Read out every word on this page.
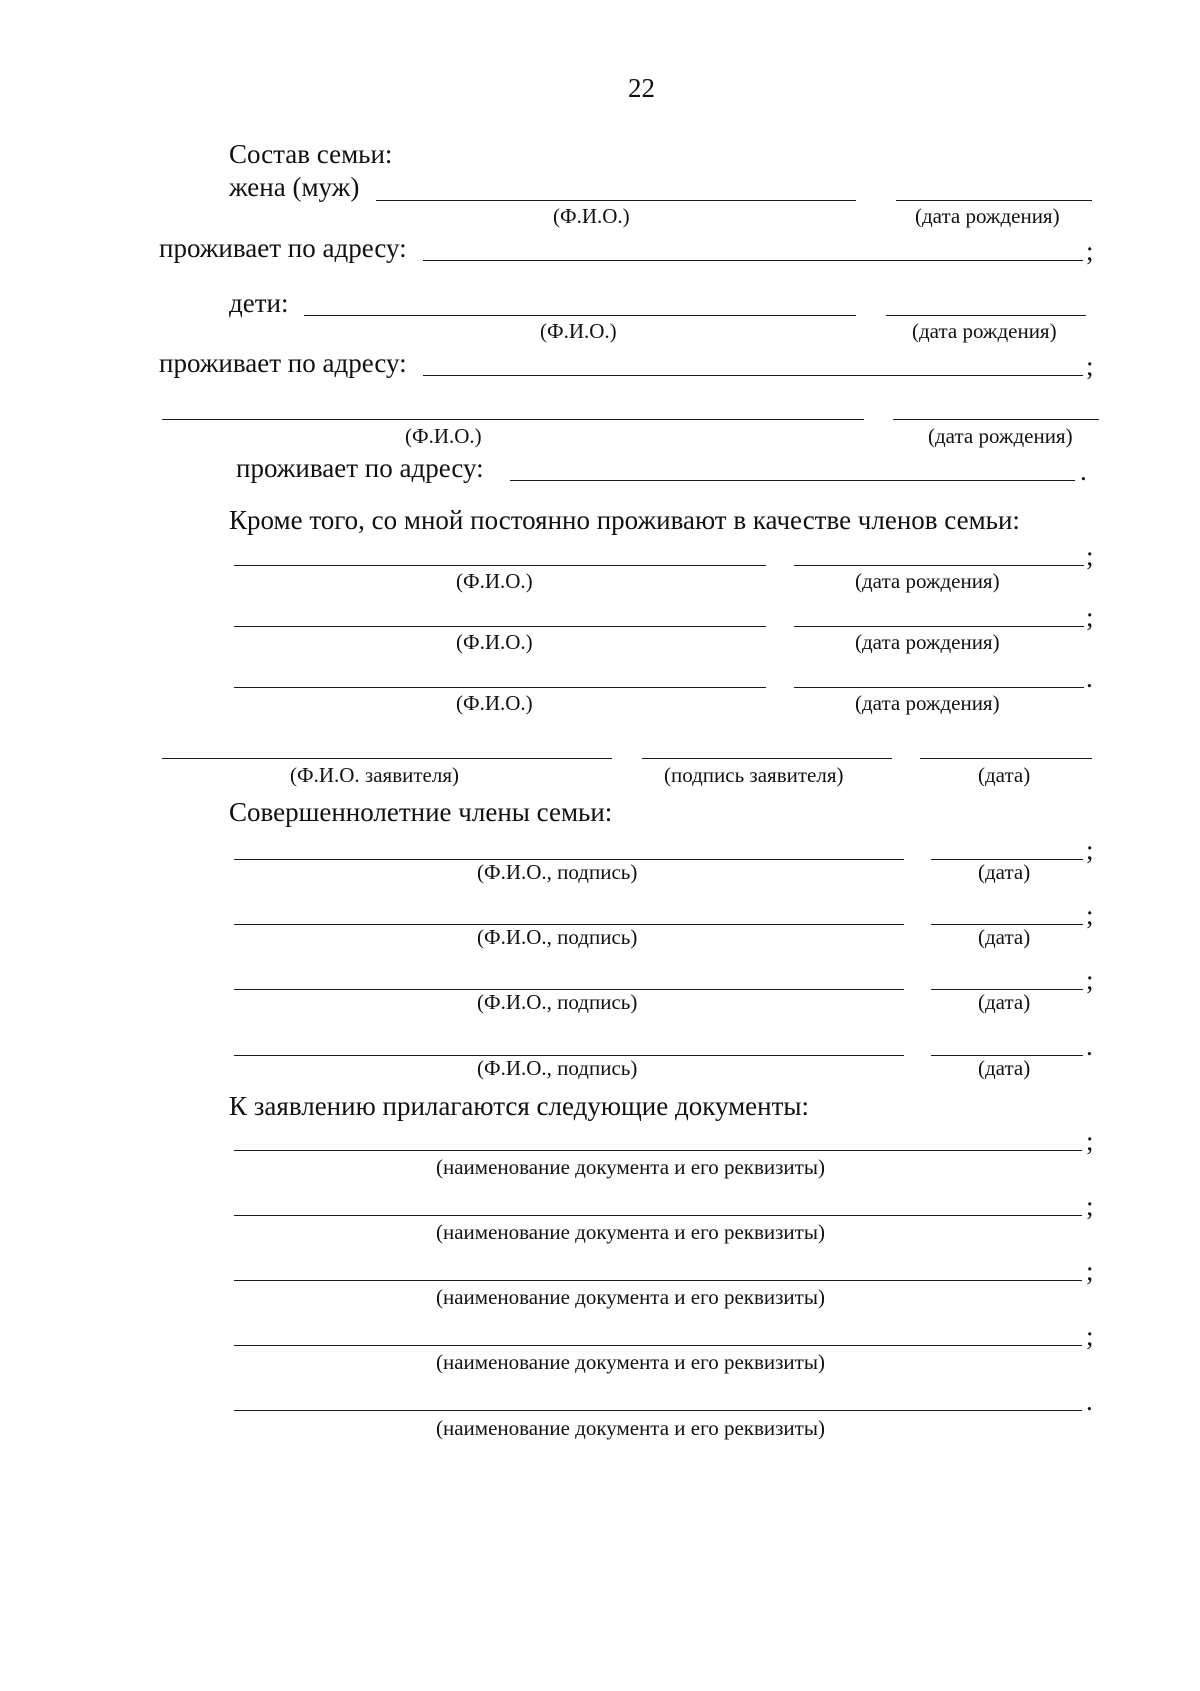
22
Состав семьи:
жена (муж)
(Ф.И.О.)	(дата рождения)
проживает по адресу:	;
дети:
(Ф.И.О.)	(дата рождения)
проживает по адресу:	;
(Ф.И.О.)	(дата рождения)
проживает по адресу:	.
Кроме того, со мной постоянно проживают в качестве членов семьи:
;
(Ф.И.О.)	(дата рождения)
;
(Ф.И.О.)	(дата рождения)
.
(Ф.И.О.)	(дата рождения)
(Ф.И.О. заявителя)	(подпись заявителя)	(дата)
Совершеннолетние члены семьи:
;
(Ф.И.О., подпись)	(дата)
;
(Ф.И.О., подпись)	(дата)
;
(Ф.И.О., подпись)	(дата)
.
(Ф.И.О., подпись)	(дата)
К заявлению прилагаются следующие документы:
;
(наименование документа и его реквизиты)
;
(наименование документа и его реквизиты)
;
(наименование документа и его реквизиты)
;
(наименование документа и его реквизиты)
.
(наименование документа и его реквизиты)
